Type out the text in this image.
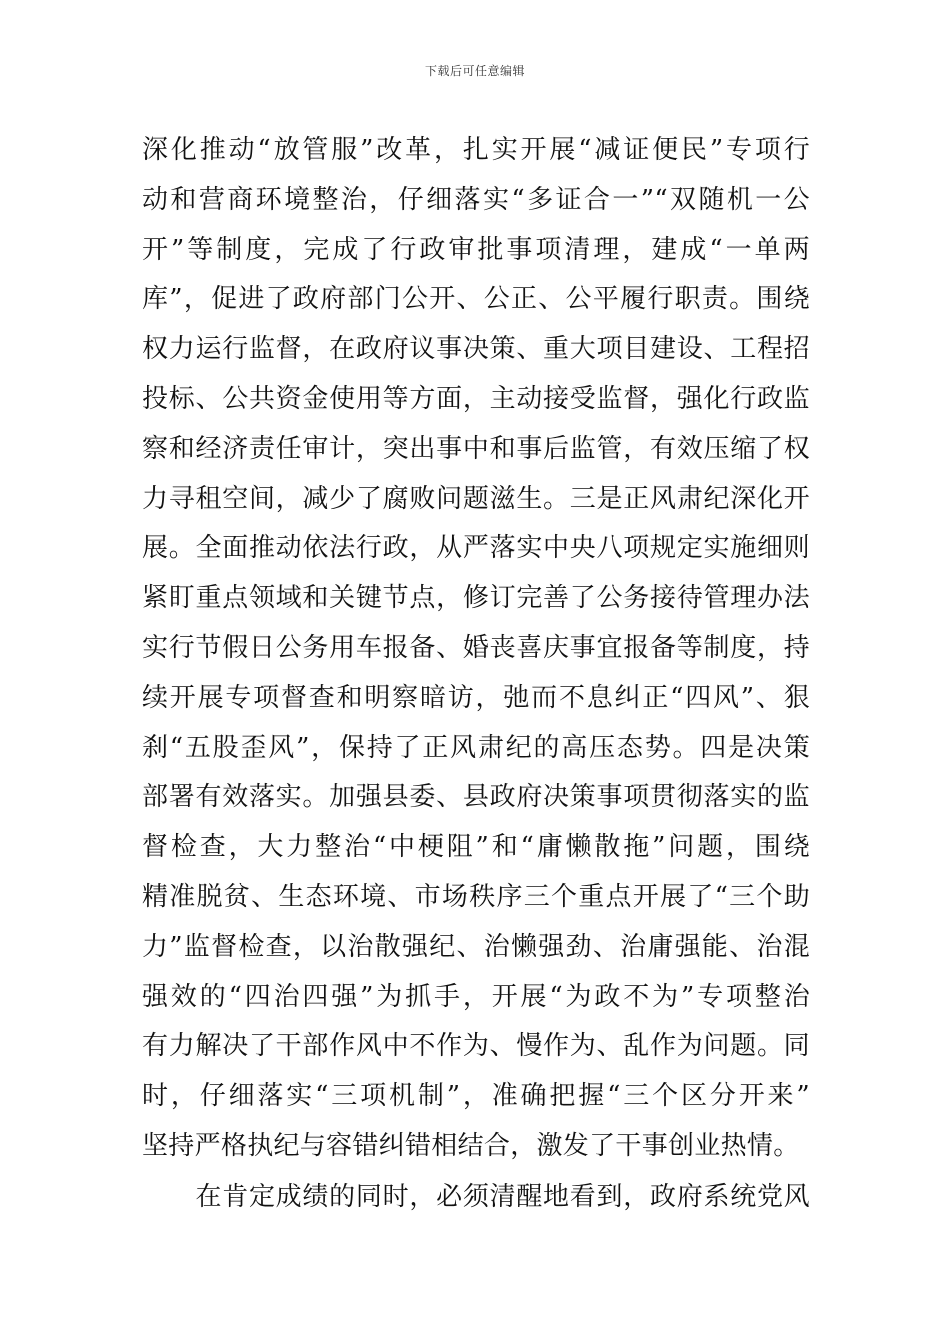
下载后可任意编辑
深化推动“放管服”改革，扎实开展“减证便民”专项行
动和营商环境整治，仔细落实“多证合一”“双随机一公
开”等制度，完成了行政审批事项清理，建成“一单两
库”，促进了政府部门公开、公正、公平履行职责。围绕
权力运行监督，在政府议事决策、重大项目建设、工程招
投标、公共资金使用等方面，主动接受监督，强化行政监
察和经济责任审计，突出事中和事后监管，有效压缩了权
力寻租空间，减少了腐败问题滋生。三是正风肃纪深化开
展。全面推动依法行政，从严落实中央八项规定实施细则
紧盯重点领域和关键节点，修订完善了公务接待管理办法
实行节假日公务用车报备、婚丧喜庆事宜报备等制度，持
续开展专项督查和明察暗访，弛而不息纠正“四风”、狠
刹“五股歪风”，保持了正风肃纪的高压态势。四是决策
部署有效落实。加强县委、县政府决策事项贯彻落实的监
督检查，大力整治“中梗阻”和“庸懒散拖”问题，围绕
精准脱贫、生态环境、市场秩序三个重点开展了“三个助
力”监督检查，以治散强纪、治懒强劲、治庸强能、治混
强效的“四治四强”为抓手，开展“为政不为”专项整治
有力解决了干部作风中不作为、慢作为、乱作为问题。同
时，仔细落实“三项机制”，准确把握“三个区分开来”
坚持严格执纪与容错纠错相结合，激发了干事创业热情。
　　在肯定成绩的同时，必须清醒地看到，政府系统党风
